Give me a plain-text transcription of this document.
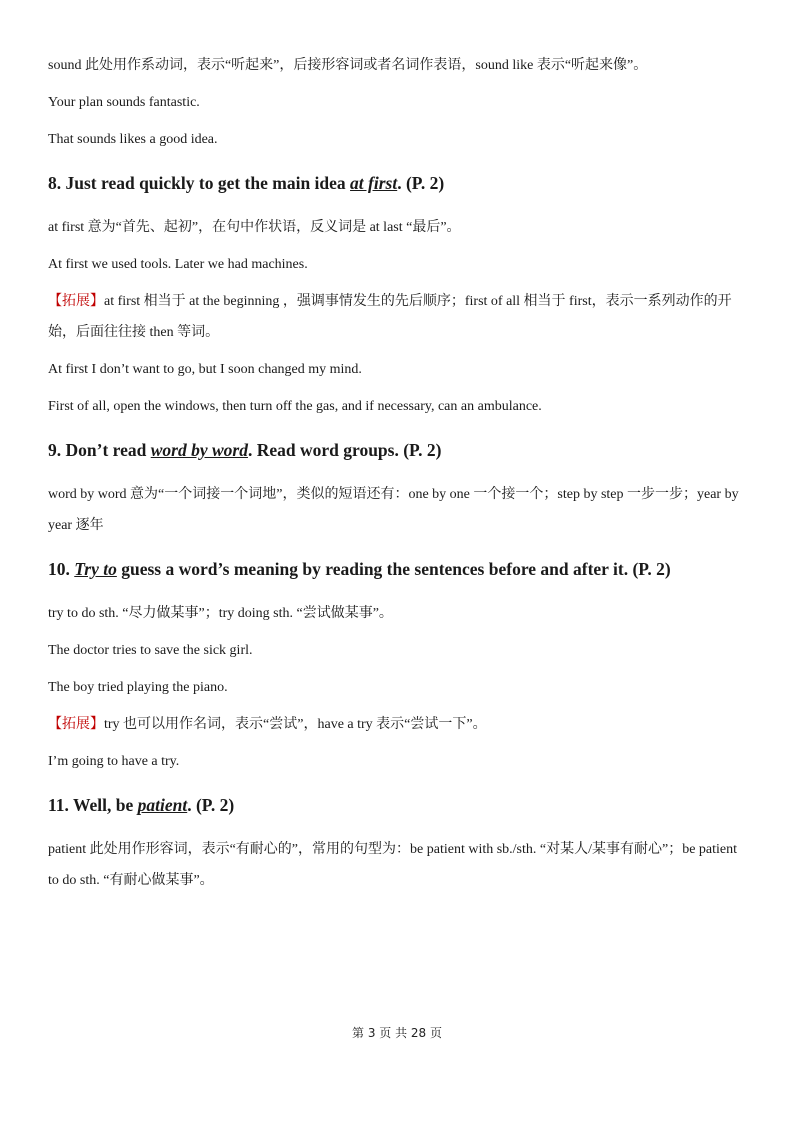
sound 此处用作系动词，表示“听起来”，后接形容词或者名词作表语，sound like 表示“听起来像”。

Your plan sounds fantastic.

That sounds likes a good idea.

8. Just read quickly to get the main idea at first. (P. 2)

at first 意为“首先、起初”，在句中作状语，反义词是 at last “最后”。

At first we used tools. Later we had machines.

【拓展】at first 相当于 at the beginning ，强调事情发生的先后顺序；first of all 相当于 first，表示一系列动作的开始，后面往往接 then 等词。

At first I don’t want to go, but I soon changed my mind.

First of all, open the windows, then turn off the gas, and if necessary, can an ambulance.

9. Don’t read word by word. Read word groups. (P. 2)

word by word 意为“一个词接一个词地”，类似的短语还有：one by one 一个接一个；step by step 一步一步；year by year 逐年

10. Try to guess a word’s meaning by reading the sentences before and after it. (P. 2)

try to do sth. “尽力做某事”；try doing sth. “尝试做某事”。

The doctor tries to save the sick girl.

The boy tried playing the piano.

【拓展】try 也可以用作名词，表示“尝试”，have a try 表示“尝试一下”。

I’m going to have a try.

11. Well, be patient. (P. 2)

patient 此处用作形容词，表示“有耐心的”，常用的句型为：be patient with sb./sth. “对某人/某事有耐心”；be patient to do sth. “有耐心做某事”。

第 3 页 共 28 页
